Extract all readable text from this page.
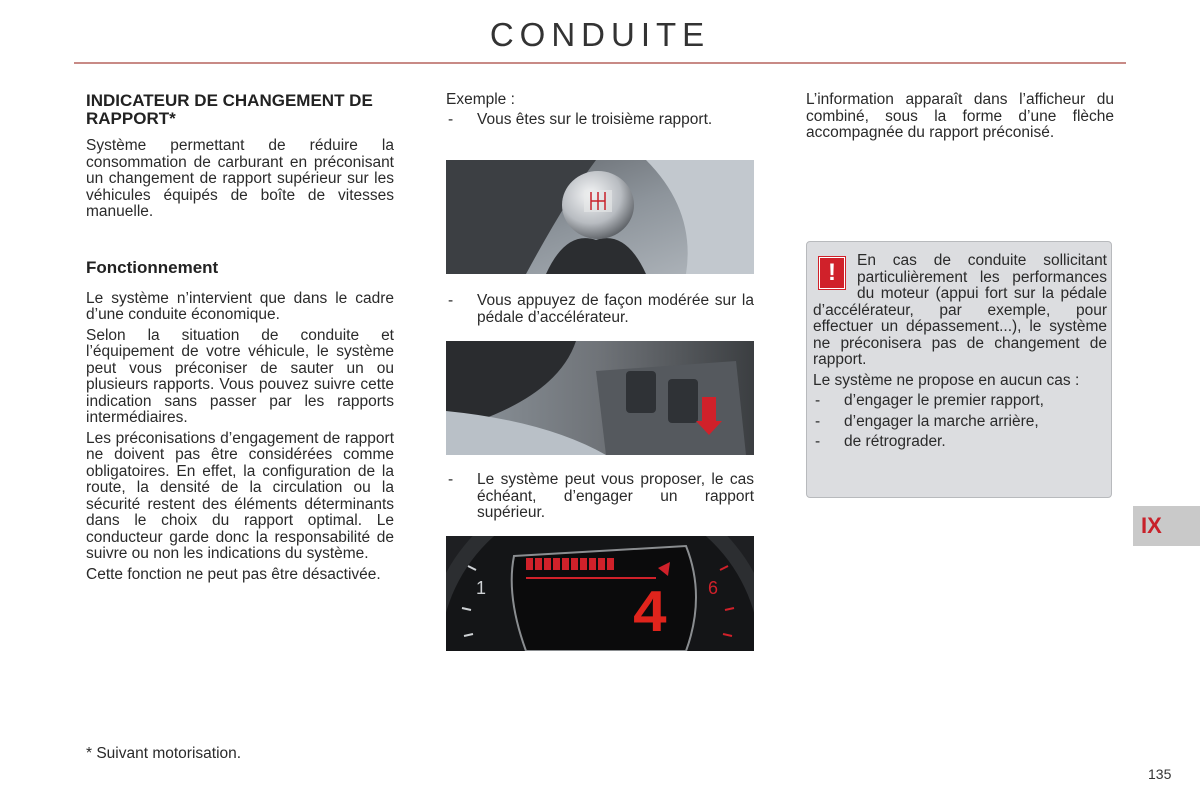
CONDUITE
INDICATEUR DE CHANGEMENT DE RAPPORT*

Système permettant de réduire la consommation de carburant en préconisant un changement de rapport supérieur sur les véhicules équipés de boîte de vitesses manuelle.

Fonctionnement

Le système n’intervient que dans le cadre d’une conduite économique.

Selon la situation de conduite et l’équipement de votre véhicule, le système peut vous préconiser de sauter un ou plusieurs rapports. Vous pouvez suivre cette indication sans passer par les rapports intermédiaires.

Les préconisations d’engagement de rapport ne doivent pas être considérées comme obligatoires. En effet, la configuration de la route, la densité de la circulation ou la sécurité restent des éléments déterminants dans le choix du rapport optimal. Le conducteur garde donc la responsabilité de suivre ou non les indications du système.

Cette fonction ne peut pas être désactivée.

Exemple :

- Vous êtes sur le troisième rapport.
- Vous appuyez de façon modérée sur la pédale d’accélérateur.
- Le système peut vous proposer, le cas échéant, d’engager un rapport supérieur.
4
1	6

L’information apparaît dans l’afficheur du combiné, sous la forme d’une flèche accompagnée du rapport préconisé.

!	En cas de conduite sollicitant particulièrement les performances du moteur (appui fort sur la pédale d’accélérateur, par exemple, pour effectuer un dépassement...), le système ne préconisera pas de changement de rapport.

Le système ne propose en aucun cas :

- d’engager le premier rapport,
- d’engager la marche arrière,
- de rétrograder.
IX
* Suivant motorisation.
135
